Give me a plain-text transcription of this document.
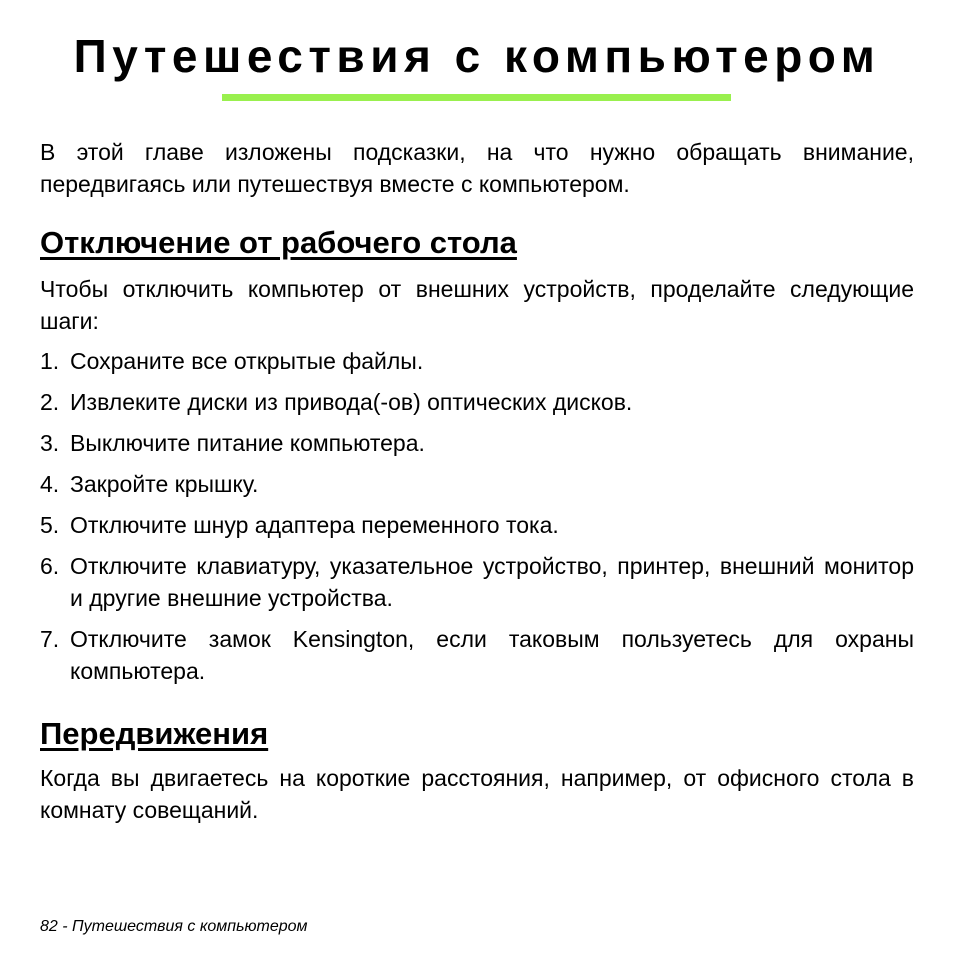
Путешествия с компьютером

В этой главе изложены подсказки, на что нужно обращать внимание, передвигаясь или путешествуя вместе с компьютером.

Отключение от рабочего стола

Чтобы отключить компьютер от внешних устройств, проделайте следующие шаги:

1. Сохраните все открытые файлы.
2. Извлеките диски из привода(-ов) оптических дисков.
3. Выключите питание компьютера.
4. Закройте крышку.
5. Отключите шнур адаптера переменного тока.
6. Отключите клавиатуру, указательное устройство, принтер, внешний монитор и другие внешние устройства.
7. Отключите замок Kensington, если таковым пользуетесь для охраны компьютера.
Передвижения

Когда вы двигаетесь на короткие расстояния, например, от офисного стола в комнату совещаний.

82 - Путешествия с компьютером
